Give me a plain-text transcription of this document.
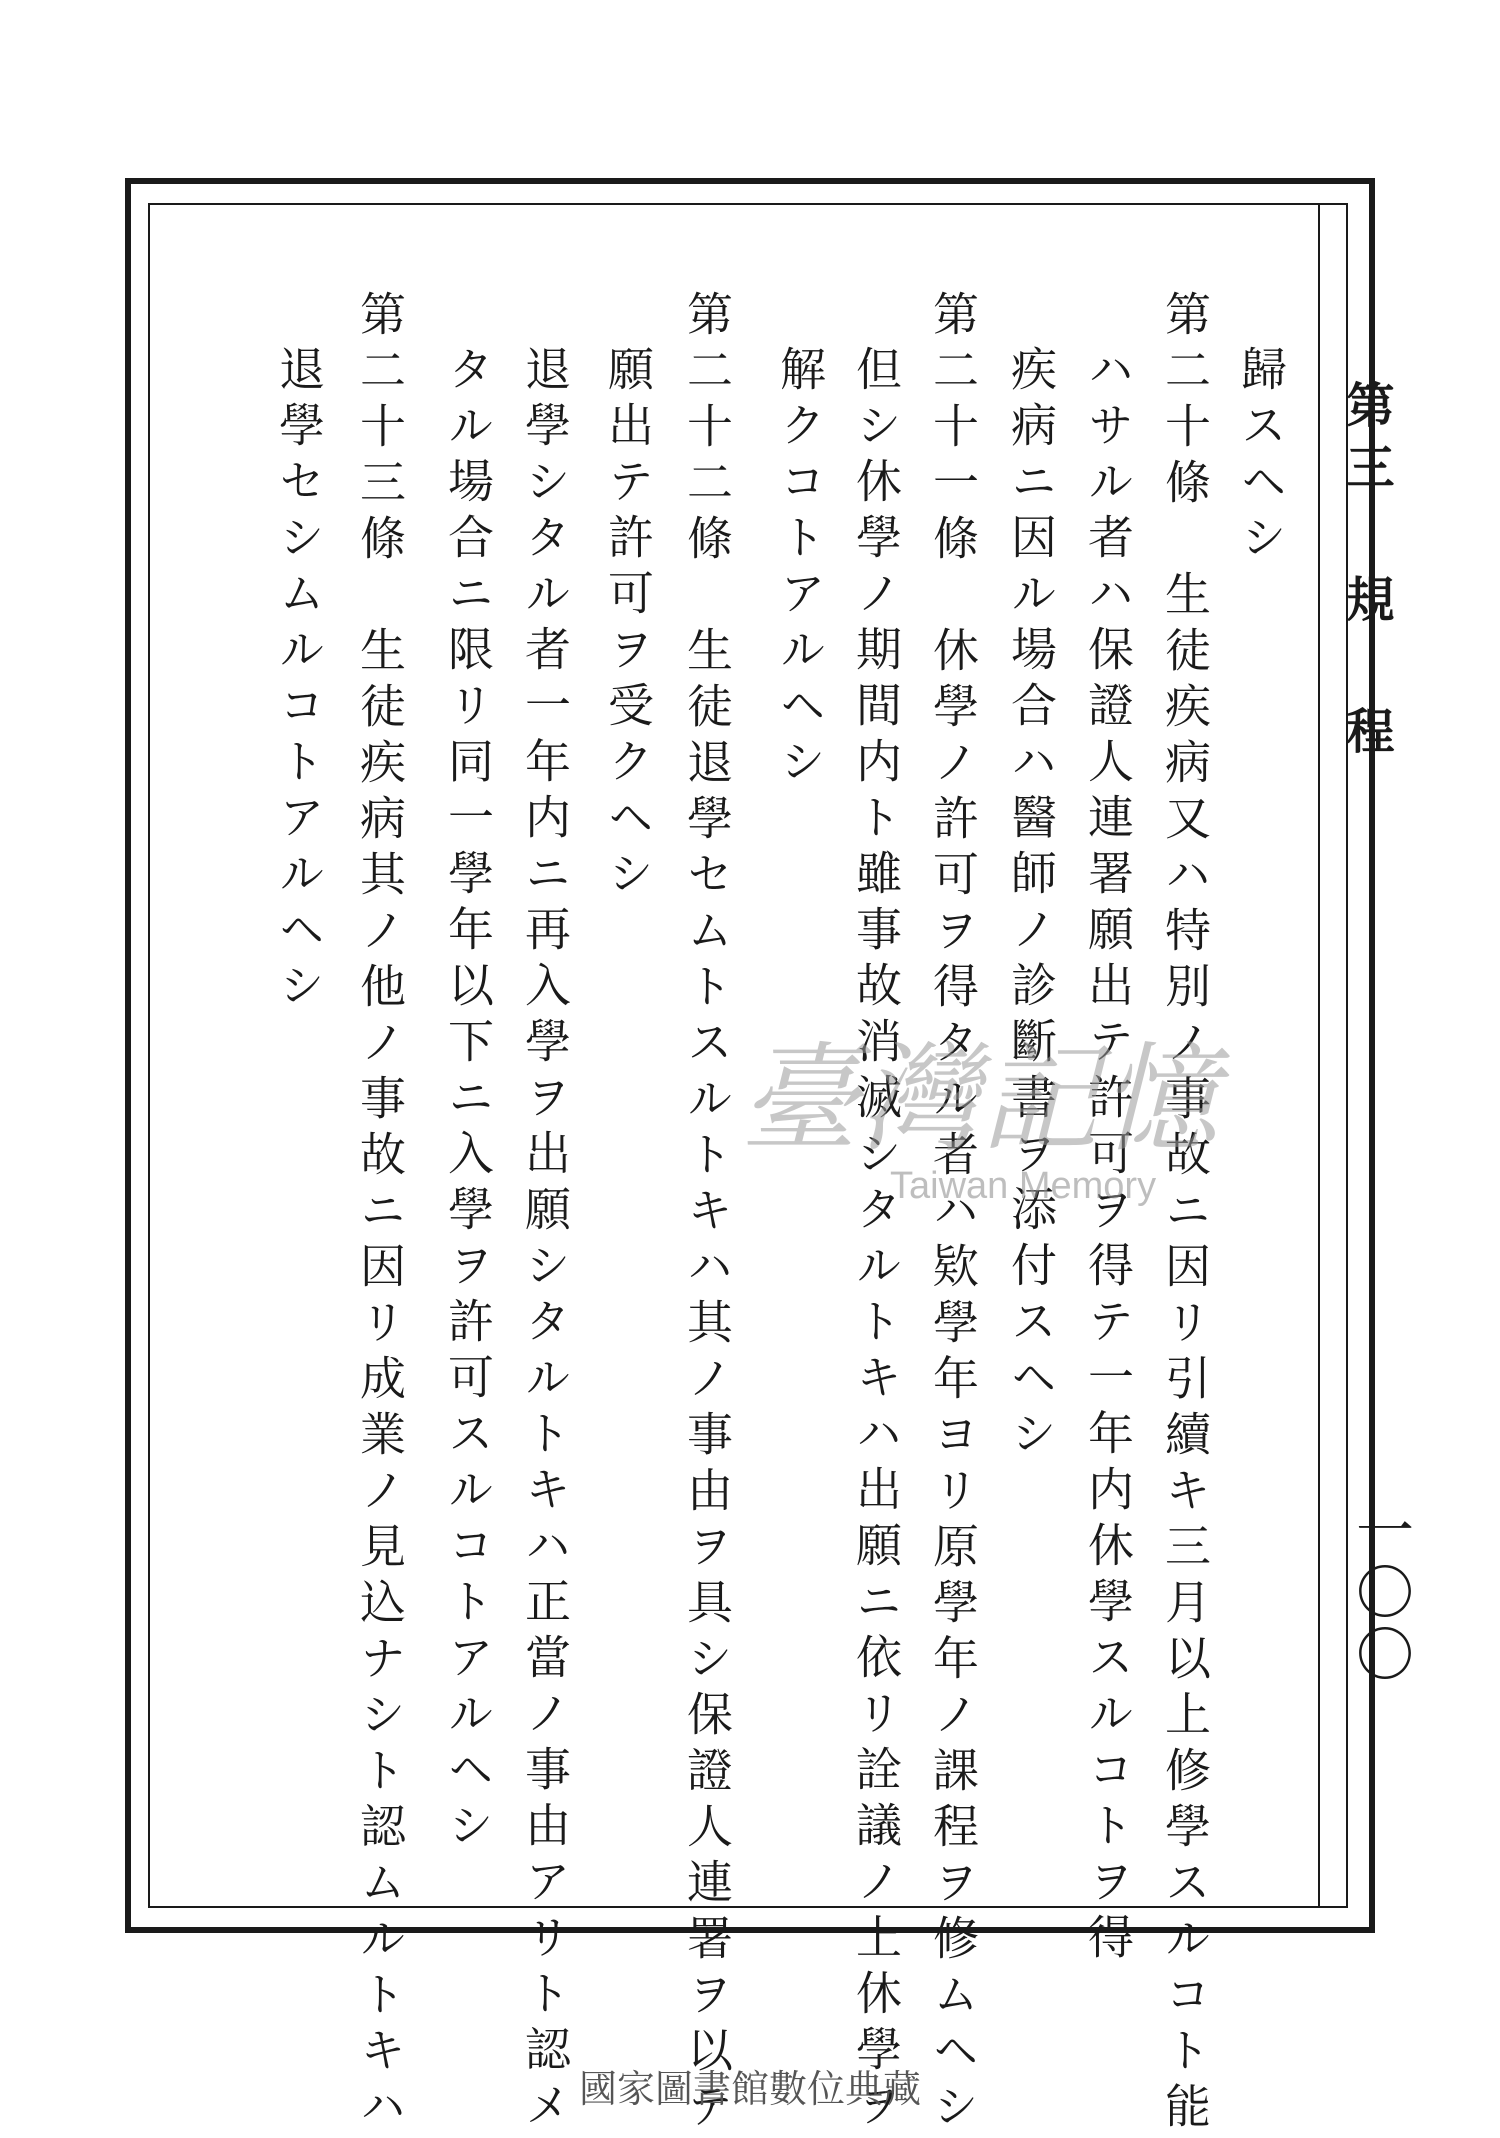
第三 規 程
一〇〇
歸スヘシ
第二十條　生徒疾病又ハ特別ノ事故ニ因リ引續キ三月以上修學スルコト能
ハサル者ハ保證人連署願出テ許可ヲ得テ一年内休學スルコトヲ得
疾病ニ因ル場合ハ醫師ノ診斷書ヲ添付スヘシ
第二十一條　休學ノ許可ヲ得タル者ハ欵學年ヨリ原學年ノ課程ヲ修ムヘシ
但シ休學ノ期間内ト雖事故消滅シタルトキハ出願ニ依リ詮議ノ上休學ヲ
解クコトアルヘシ
第二十二條　生徒退學セムトスルトキハ其ノ事由ヲ具シ保證人連署ヲ以テ
願出テ許可ヲ受クヘシ
退學シタル者一年内ニ再入學ヲ出願シタルトキハ正當ノ事由アリト認メ
タル場合ニ限リ同一學年以下ニ入學ヲ許可スルコトアルヘシ
第二十三條　生徒疾病其ノ他ノ事故ニ因リ成業ノ見込ナシト認ムルトキハ
退學セシムルコトアルヘシ
臺灣記憶
Taiwan Memory
國家圖書館數位典藏
